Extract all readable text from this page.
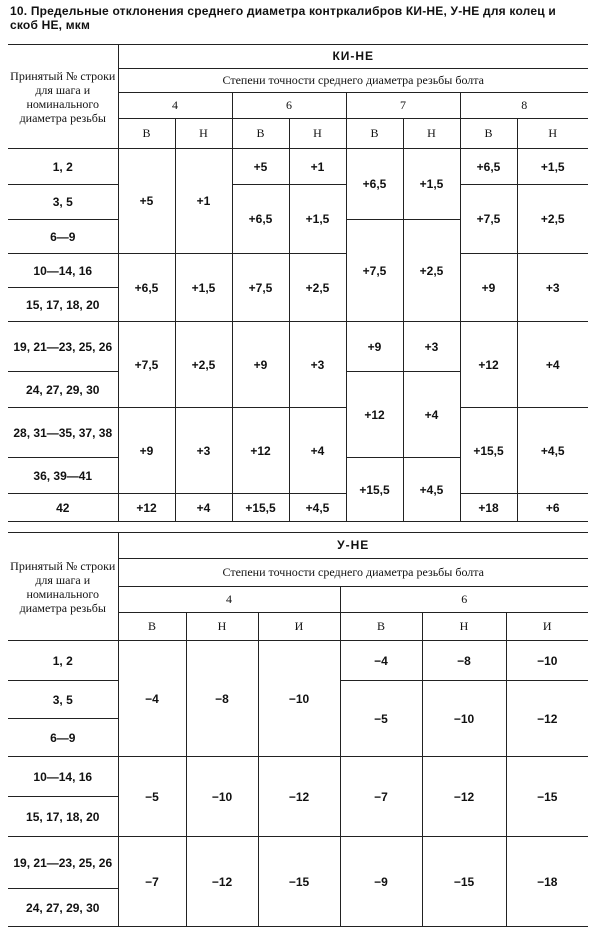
10. Предельные отклонения среднего диаметра контркалибров КИ-НЕ, У-НЕ для колец и скоб НЕ, мкм
Принятый № строки для шага и номинального диаметра резьбы	КИ-НЕ							
	Степени точности среднего диаметра резьбы болта							
	4		6		7		8	
	В	Н	В	Н	В	Н	В	Н
1, 2	+5	+1	+5	+1	+6,5	+1,5	+6,5	+1,5
3, 5			+6,5	+1,5			+7,5	+2,5
6—9					+7,5	+2,5		
10—14, 16	+6,5	+1,5	+7,5	+2,5			+9	+3
15, 17, 18, 20								
19, 21—23, 25, 26	+7,5	+2,5	+9	+3	+9	+3	+12	+4
24, 27, 29, 30					+12	+4		
28, 31—35, 37, 38	+9	+3	+12	+4			+15,5	+4,5
36, 39—41					+15,5	+4,5		
42	+12	+4	+15,5	+4,5			+18	+6
Принятый № строки для шага и номинального диаметра резьбы	У-НЕ					
	Степени точности среднего диаметра резьбы болта					
	4			6		
	В	Н	И	В	Н	И
1, 2	−4	−8	−10	−4	−8	−10
3, 5				−5	−10	−12
6—9						
10—14, 16	−5	−10	−12	−7	−12	−15
15, 17, 18, 20						
19, 21—23, 25, 26	−7	−12	−15	−9	−15	−18
24, 27, 29, 30						
